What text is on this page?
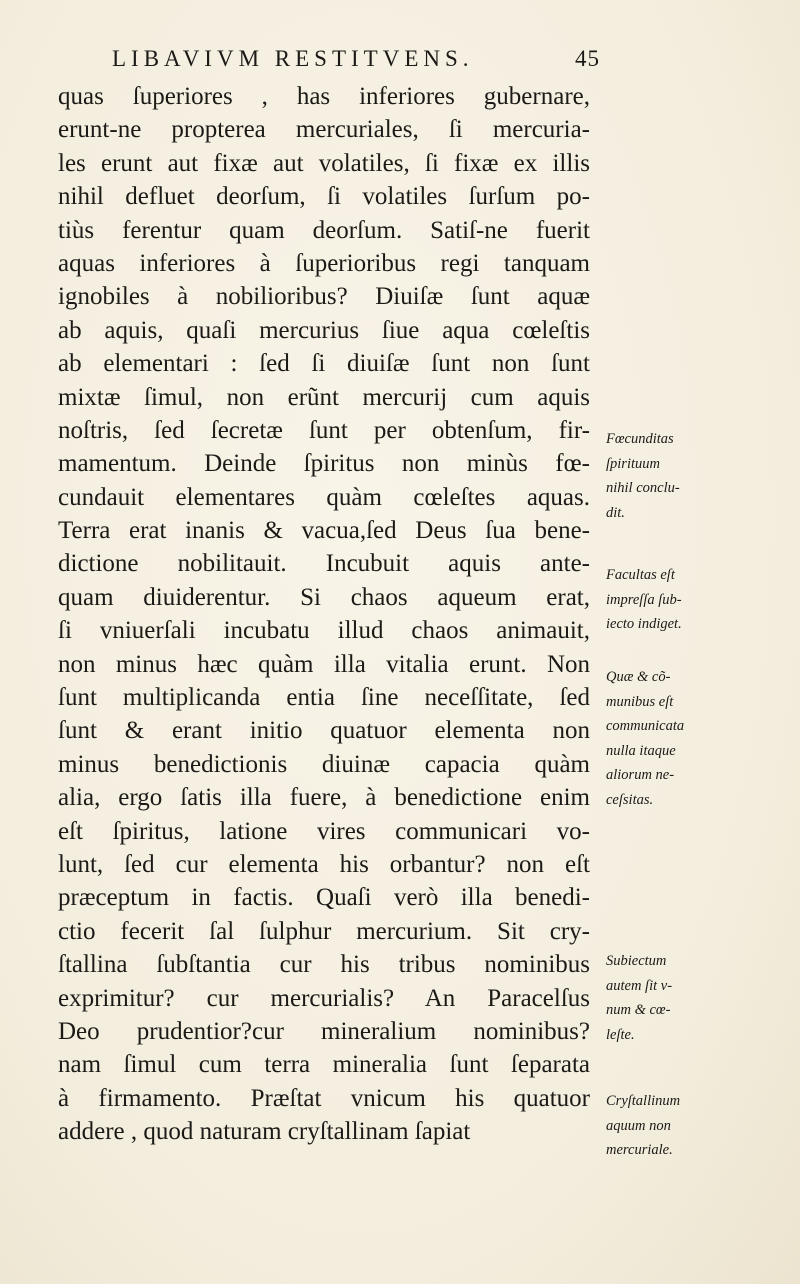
LIBAVIVM RESTITVENS.	45
quas ſuperiores , has inferiores gubernare,
erunt-ne propterea mercuriales, ſi mercuria-
les erunt aut fixæ aut volatiles, ſi fixæ ex illis
nihil defluet deorſum, ſi volatiles ſurſum po-
tiùs ferentur quam deorſum. Satiſ-ne fuerit
aquas inferiores à ſuperioribus regi tanquam
ignobiles à nobilioribus? Diuiſæ ſunt aquæ
ab aquis, quaſi mercurius ſiue aqua cœleſtis
ab elementari : ſed ſi diuiſæ ſunt non ſunt
mixtæ ſimul, non erũnt mercurij cum aquis
noſtris, ſed ſecretæ ſunt per obtenſum, fir-
mamentum. Deinde ſpiritus non minùs fœ-
cundauit elementares quàm cœleſtes aquas.
Terra erat inanis & vacua,ſed Deus ſua bene-
dictione nobilitauit. Incubuit aquis ante-
quam diuiderentur. Si chaos aqueum erat,
ſi vniuerſali incubatu illud chaos animauit,
non minus hæc quàm illa vitalia erunt. Non
ſunt multiplicanda entia ſine neceſſitate, ſed
ſunt & erant initio quatuor elementa non
minus benedictionis diuinæ capacia quàm
alia, ergo ſatis illa fuere, à benedictione enim
eſt ſpiritus, latione vires communicari vo-
lunt, ſed cur elementa his orbantur? non eſt
præceptum in factis. Quaſi verò illa benedi-
ctio fecerit ſal ſulphur mercurium. Sit cry-
ſtallina ſubſtantia cur his tribus nominibus
exprimitur? cur mercurialis? An Paracelſus
Deo prudentior?cur mineralium nominibus?
nam ſimul cum terra mineralia ſunt ſeparata
à firmamento. Præſtat vnicum his quatuor
addere , quod naturam cryſtallinam ſapiat
Fœcunditas
ſpirituum
nihil conclu-
dit.
Facultas eſt
impreſſa ſub-
iecto indiget.
Quæ & cõ-
munibus eſt
communicata
nulla itaque
aliorum ne-
ceſsitas.
Subiectum
autem ſit v-
num & cœ-
leſte.
Cryſtallinum
aquum non
mercuriale.
